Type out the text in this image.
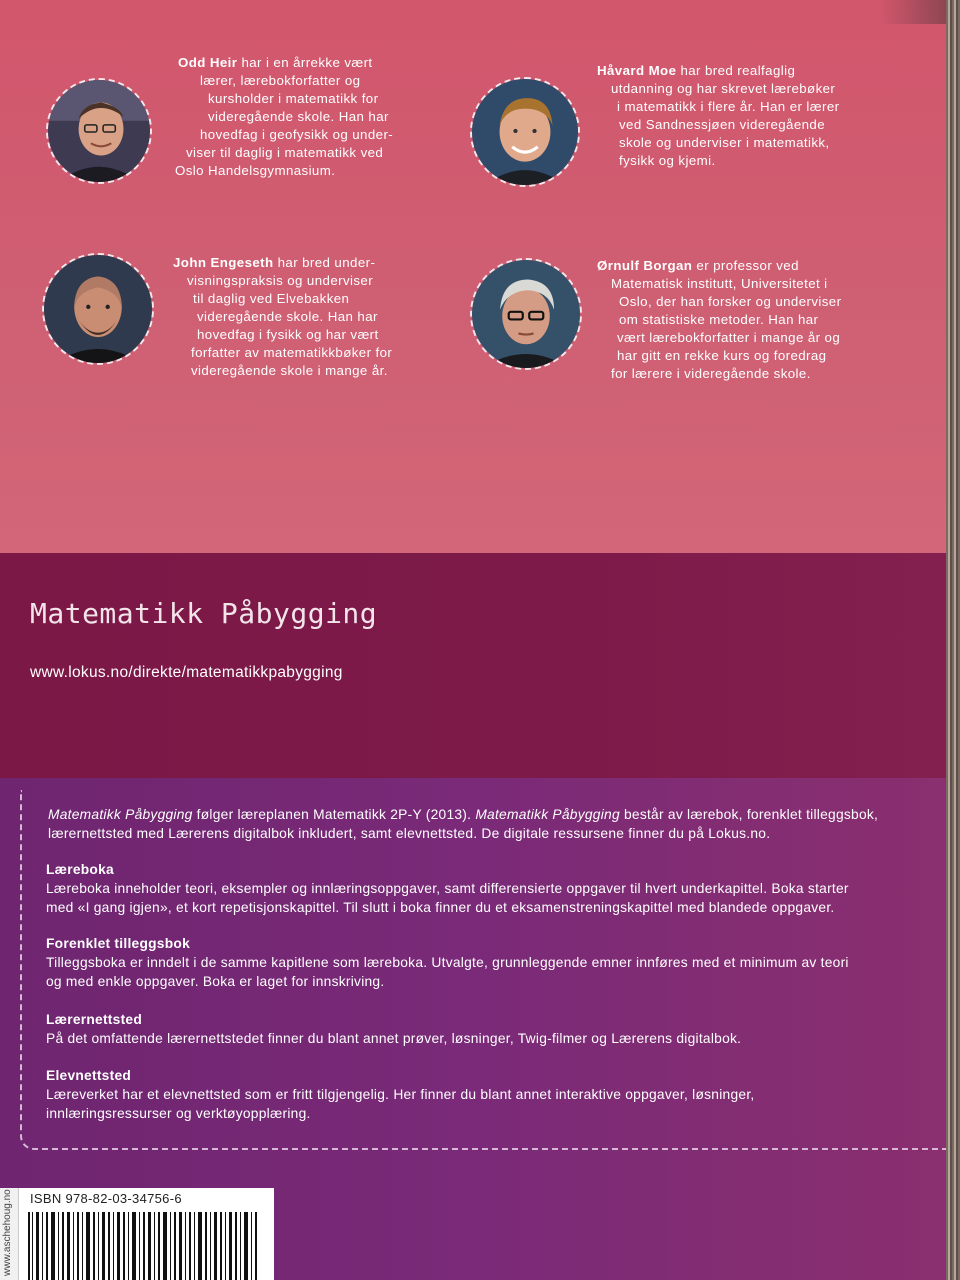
Odd Heir har i en årrekke vært
lærer, lærebokforfatter og
kursholder i matematikk for
videregående skole. Han har
hovedfag i geofysikk og under-
viser til daglig i matematikk ved
Oslo Handelsgymnasium.
Håvard Moe har bred realfaglig
utdanning og har skrevet lærebøker
i matematikk i flere år. Han er lærer
ved Sandnessjøen videregående
skole og underviser i matematikk,
fysikk og kjemi.
John Engeseth har bred under-
visningspraksis og underviser
til daglig ved Elvebakken
videregående skole. Han har
hovedfag i fysikk og har vært
forfatter av matematikkbøker for
videregående skole i mange år.
Ørnulf Borgan er professor ved
Matematisk institutt, Universitetet i
Oslo, der han forsker og underviser
om statistiske metoder. Han har
vært lærebokforfatter i mange år og
har gitt en rekke kurs og foredrag
for lærere i videregående skole.
Matematikk Påbygging
www.lokus.no/direkte/matematikkpabygging
Matematikk Påbygging følger læreplanen Matematikk 2P-Y (2013). Matematikk Påbygging består av lærebok, forenklet tilleggsbok,
lærernettsted med Lærerens digitalbok inkludert, samt elevnettsted. De digitale ressursene finner du på Lokus.no.
Læreboka
Læreboka inneholder teori, eksempler og innlæringsoppgaver, samt differensierte oppgaver til hvert underkapittel. Boka starter
med «I gang igjen», et kort repetisjonskapittel. Til slutt i boka finner du et eksamenstreningskapittel med blandede oppgaver.
Forenklet tilleggsbok
Tilleggsboka er inndelt i de samme kapitlene som læreboka. Utvalgte, grunnleggende emner innføres med et minimum av teori
og med enkle oppgaver. Boka er laget for innskriving.
Lærernettsted
På det omfattende lærernettstedet finner du blant annet prøver, løsninger, Twig-filmer og Lærerens digitalbok.
Elevnettsted
Læreverket har et elevnettsted som er fritt tilgjengelig. Her finner du blant annet interaktive oppgaver, løsninger,
innlæringsressurser og verktøyopplæring.
www.aschehoug.no ISBN 978-82-03-34756-6
